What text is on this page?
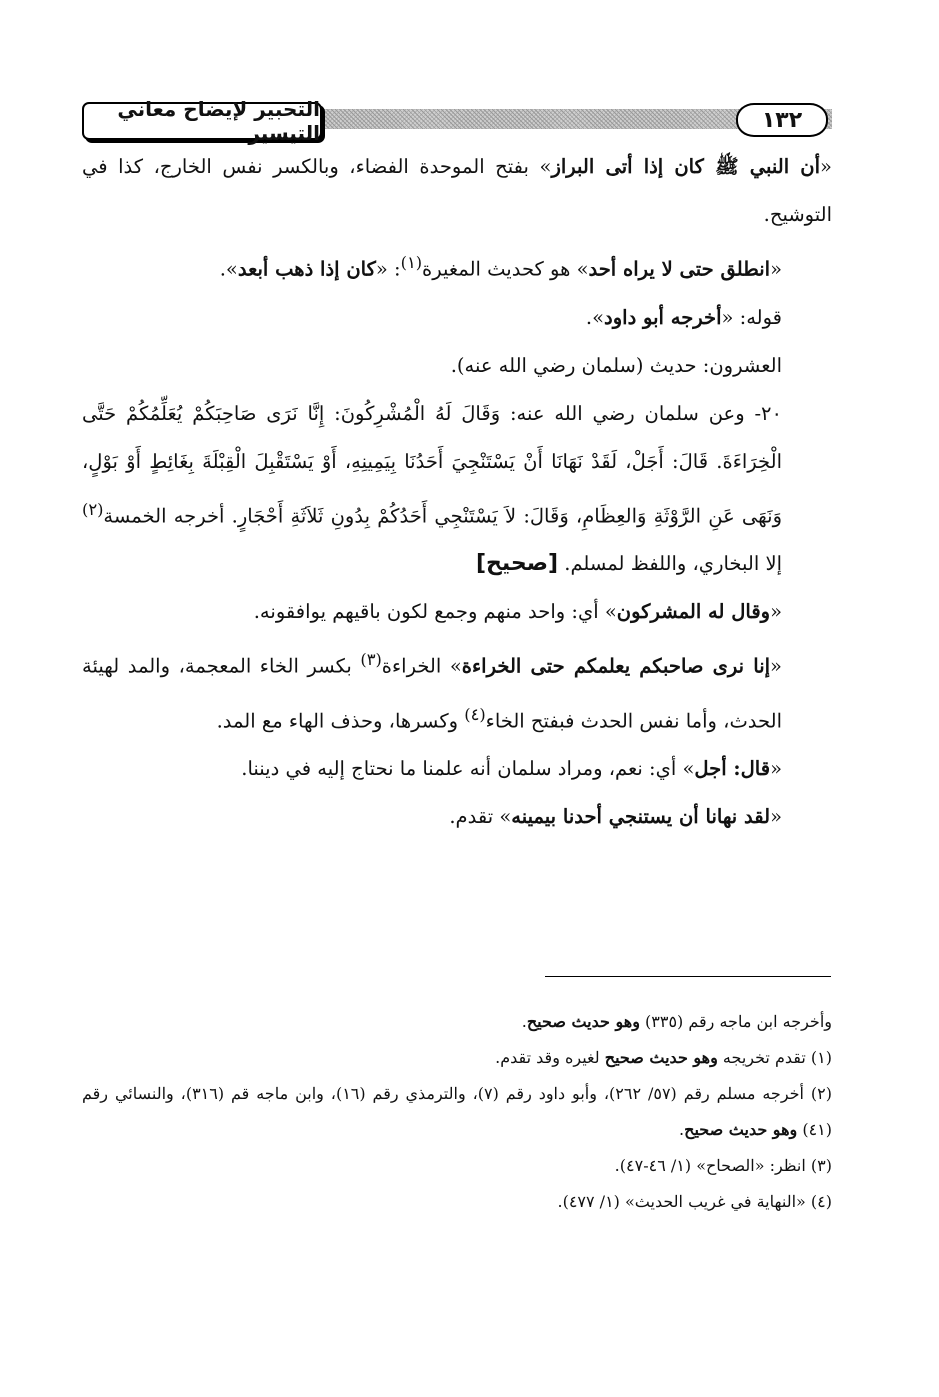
التحبير لإيضاح معاني التيسير
١٣٢

«أن النبي ﷺ كان إذا أتى البراز» بفتح الموحدة الفضاء، وبالكسر نفس الخارج، كذا في التوشيح.

«انطلق حتى لا يراه أحد» هو كحديث المغيرة$^{(١)}$: «كان إذا ذهب أبعد».

قوله: «أخرجه أبو داود».

العشرون: حديث (سلمان رضي الله عنه).

٢٠- وعن سلمان رضي الله عنه: وَقَالَ لَهُ الْمُشْرِكُونَ: إِنَّا نَرَى صَاحِبَكُمْ يُعَلِّمُكُمْ حَتَّى الْخِرَاءَةَ. قَالَ: أَجَلْ، لَقَدْ نَهَانَا أَنْ يَسْتَنْجِيَ أَحَدُنَا بِيَمِينِهِ، أَوْ يَسْتَقْبِلَ الْقِبْلَةَ بِغَائِطٍ أَوْ بَوْلٍ، وَنَهَى عَنِ الرَّوْثَةِ وَالعِظَامِ، وَقَالَ: لاَ يَسْتَنْجِي أَحَدُكُمْ بِدُونِ ثَلاَثَةِ أَحْجَارٍ. أخرجه الخمسة$^{(٢)}$ إلا البخاري، واللفظ لمسلم. [صحيح]

«وقال له المشركون» أي: واحد منهم وجمع لكون باقيهم يوافقونه.

«إنا نرى صاحبكم يعلمكم حتى الخراءة» الخراءة$^{(٣)}$ بكسر الخاء المعجمة، والمد لهيئة الحدث، وأما نفس الحدث فبفتح الخاء$^{(٤)}$ وكسرها، وحذف الهاء مع المد.

«قال: أجل» أي: نعم، ومراد سلمان أنه علمنا ما نحتاج إليه في ديننا.

«لقد نهانا أن يستنجي أحدنا بيمينه» تقدم.

وأخرجه ابن ماجه رقم (٣٣٥) وهو حديث صحيح.

(١) تقدم تخريجه وهو حديث صحيح لغيره وقد تقدم.

(٢) أخرجه مسلم رقم (٥٧/ ٢٦٢)، وأبو داود رقم (٧)، والترمذي رقم (١٦)، وابن ماجه قم (٣١٦)، والنسائي رقم (٤١) وهو حديث صحيح.

(٣) انظر: «الصحاح» (١/ ٤٦-٤٧).

(٤) «النهاية في غريب الحديث» (١/ ٤٧٧).
